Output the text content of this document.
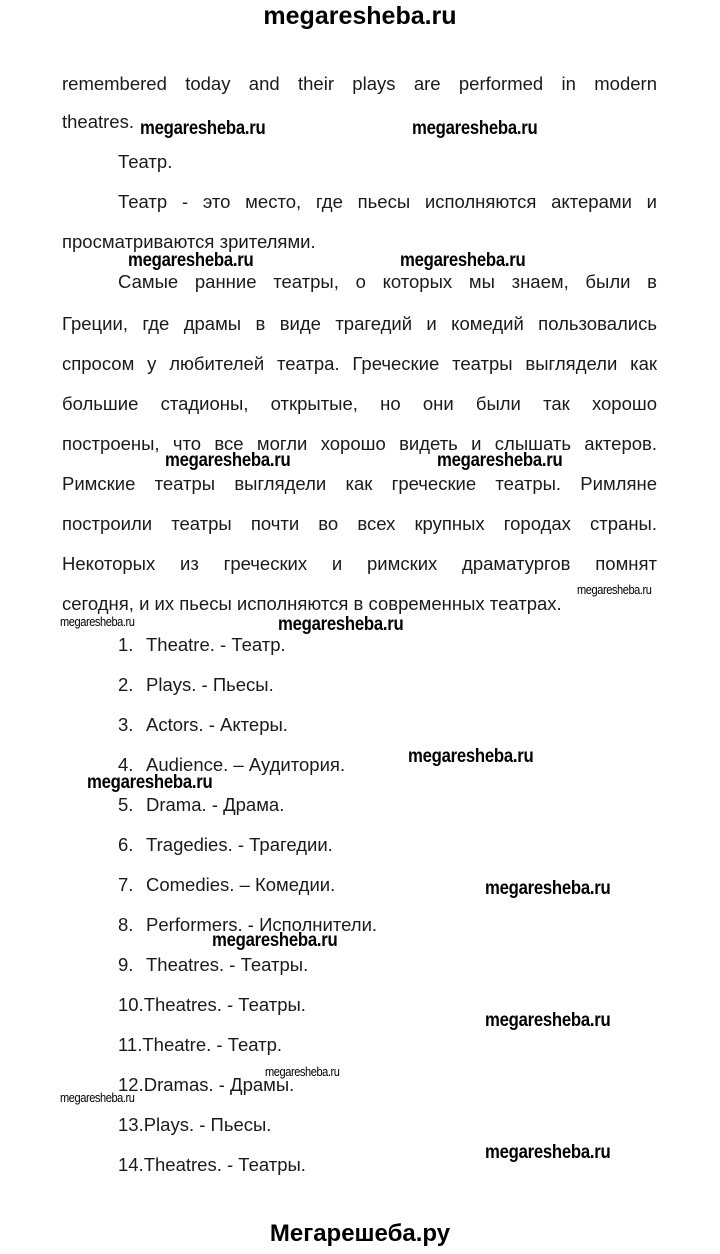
megaresheba.ru
remembered today and their plays are performed in modern
theatres.
Театр.
Театр - это место, где пьесы исполняются актерами и
просматриваются зрителями.
Самые ранние театры, о которых мы знаем, были в
Греции, где драмы в виде трагедий и комедий пользовались
спросом у любителей театра. Греческие театры выглядели как
большие стадионы, открытые, но они были так хорошо
построены, что все могли хорошо видеть и слышать актеров.
Римские театры выглядели как греческие театры. Римляне
построили театры почти во всех крупных городах страны.
Некоторых из греческих и римских драматургов помнят
сегодня, и их пьесы исполняются в современных театрах.
1. Theatre. - Театр.
2. Plays. - Пьесы.
3. Actors. - Актеры.
4. Audience. – Аудитория.
5. Drama. - Драма.
6. Tragedies. - Трагедии.
7. Comedies. – Комедии.
8. Performers. - Исполнители.
9. Theatres. - Театры.
10.Theatres. - Театры.
11.Theatre. - Театр.
12.Dramas. - Драмы.
13.Plays. - Пьесы.
14.Theatres. - Театры.
megaresheba.ru	megaresheba.ru
megaresheba.ru	megaresheba.ru
megaresheba.ru	megaresheba.ru
megaresheba.ru
megaresheba.ru
megaresheba.ru
megaresheba.ru
megaresheba.ru
megaresheba.ru
megaresheba.ru
megaresheba.ru
megaresheba.ru
megaresheba.ru
megaresheba.ru
Мегарешеба.ру
